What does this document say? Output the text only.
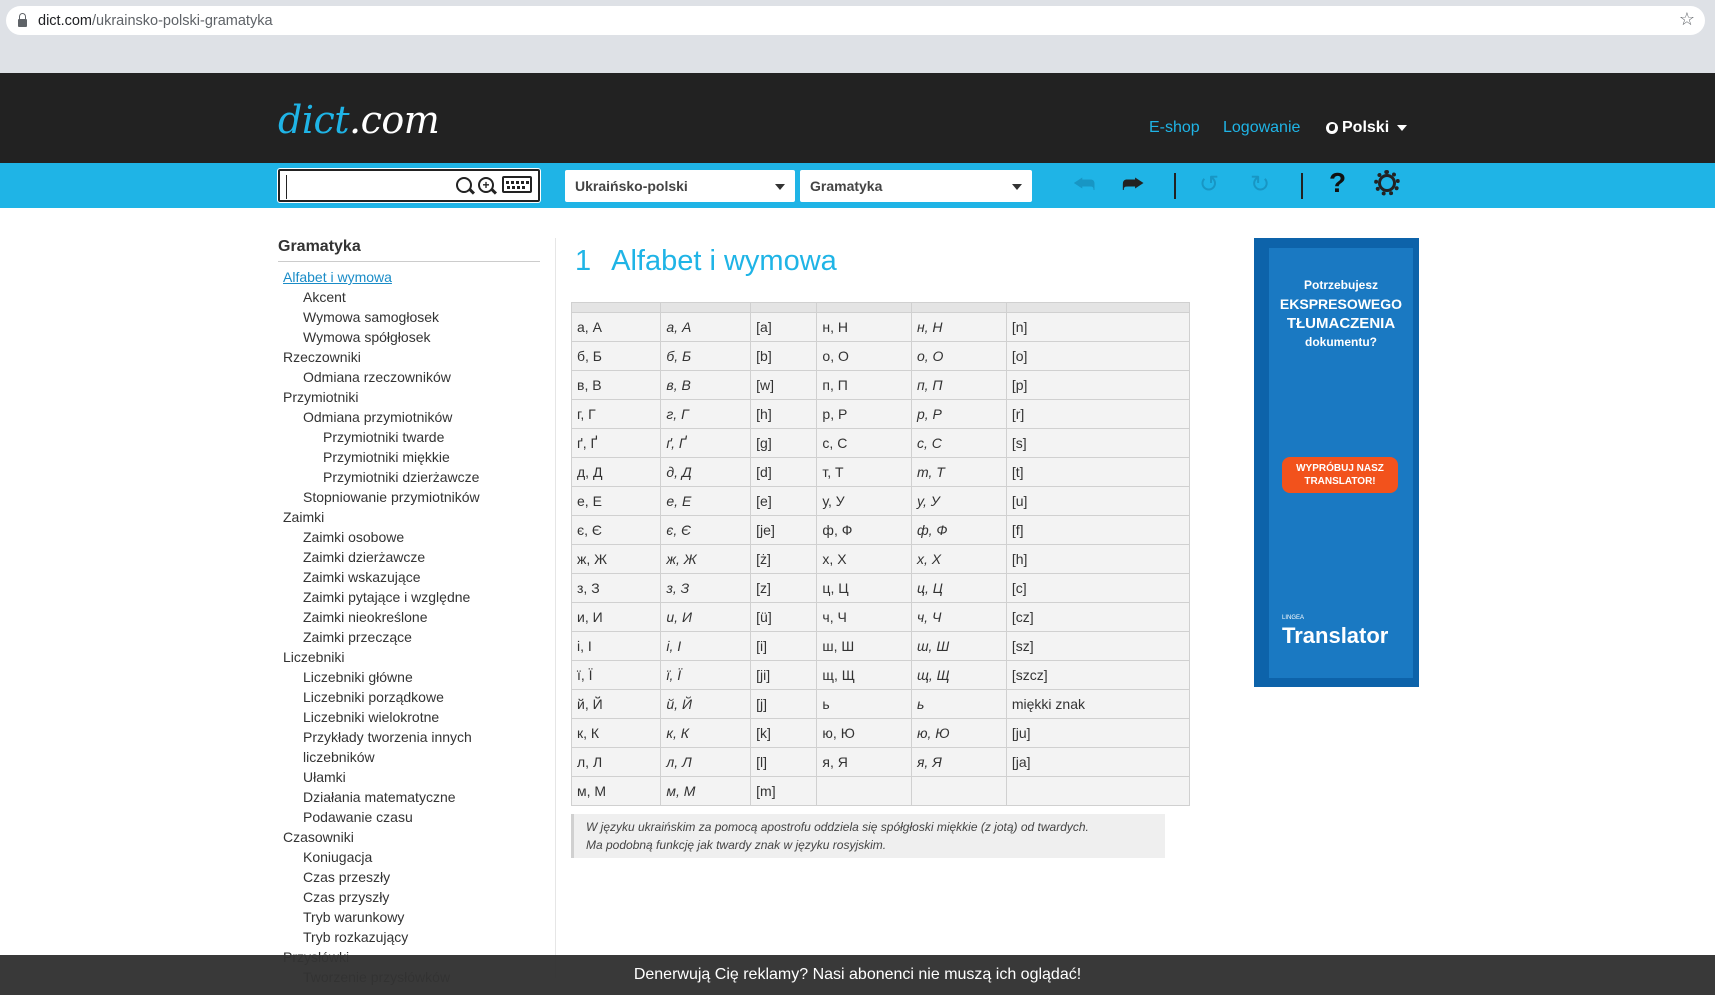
dict.com/ukrainsko-polski-gramatyka	☆
dict.com	E-shop Logowanie	Polski
+	Ukraińsko-polski	Gramatyka	⮪ ⮫ ↺ ↻ ?
Gramatyka
Alfabet i wymowa
Akcent
Wymowa samogłosek
Wymowa spółgłosek
Rzeczowniki
Odmiana rzeczowników
Przymiotniki
Odmiana przymiotników
Przymiotniki twarde
Przymiotniki miękkie
Przymiotniki dzierżawcze
Stopniowanie przymiotników
Zaimki
Zaimki osobowe
Zaimki dzierżawcze
Zaimki wskazujące
Zaimki pytające i względne
Zaimki nieokreślone
Zaimki przeczące
Liczebniki
Liczebniki główne
Liczebniki porządkowe
Liczebniki wielokrotne
Przykłady tworzenia innych
liczebników
Ułamki
Działania matematyczne
Podawanie czasu
Czasowniki
Koniugacja
Czas przeszły
Czas przyszły
Tryb warunkowy
Tryb rozkazujący
1 Alfabet i wymowa

а, А	а, А	[a]	н, Н	н, Н	[n]
б, Б	б, Б	[b]	о, О	о, О	[o]
в, В	в, В	[w]	п, П	п, П	[p]
г, Г	г, Г	[h]	р, Р	р, Р	[r]
ґ, Ґ	ґ, Ґ	[g]	с, С	с, С	[s]
д, Д	д, Д	[d]	т, Т	т, Т	[t]
е, Е	е, Е	[e]	у, У	у, У	[u]
є, Є	є, Є	[je]	ф, Ф	ф, Ф	[f]
ж, Ж	ж, Ж	[ż]	х, Х	х, Х	[h]
з, З	з, З	[z]	ц, Ц	ц, Ц	[c]
и, И	и, И	[ü]	ч, Ч	ч, Ч	[cz]
і, І	і, І	[i]	ш, Ш	ш, Ш	[sz]
ї, Ї	ї, Ї	[ji]	щ, Щ	щ, Щ	[szcz]
й, Й	й, Й	[j]	ь	ь	miękki znak
к, К	к, К	[k]	ю, Ю	ю, Ю	[ju]
л, Л	л, Л	[l]	я, Я	я, Я	[ja]
м, М	м, М	[m]			
W języku ukraińskim za pomocą apostrofu oddziela się spółgłoski miękkie (z jotą) od twardych.
Ma podobną funkcję jak twardy znak w języku rosyjskim.
Potrzebujesz
EKSPRESOWEGO
TŁUMACZENIA
dokumentu?
WYPRÓBUJ NASZ TRANSLATOR!
LINGEA
Translator
Denerwują Cię reklamy? Nasi abonenci nie muszą ich oglądać!
